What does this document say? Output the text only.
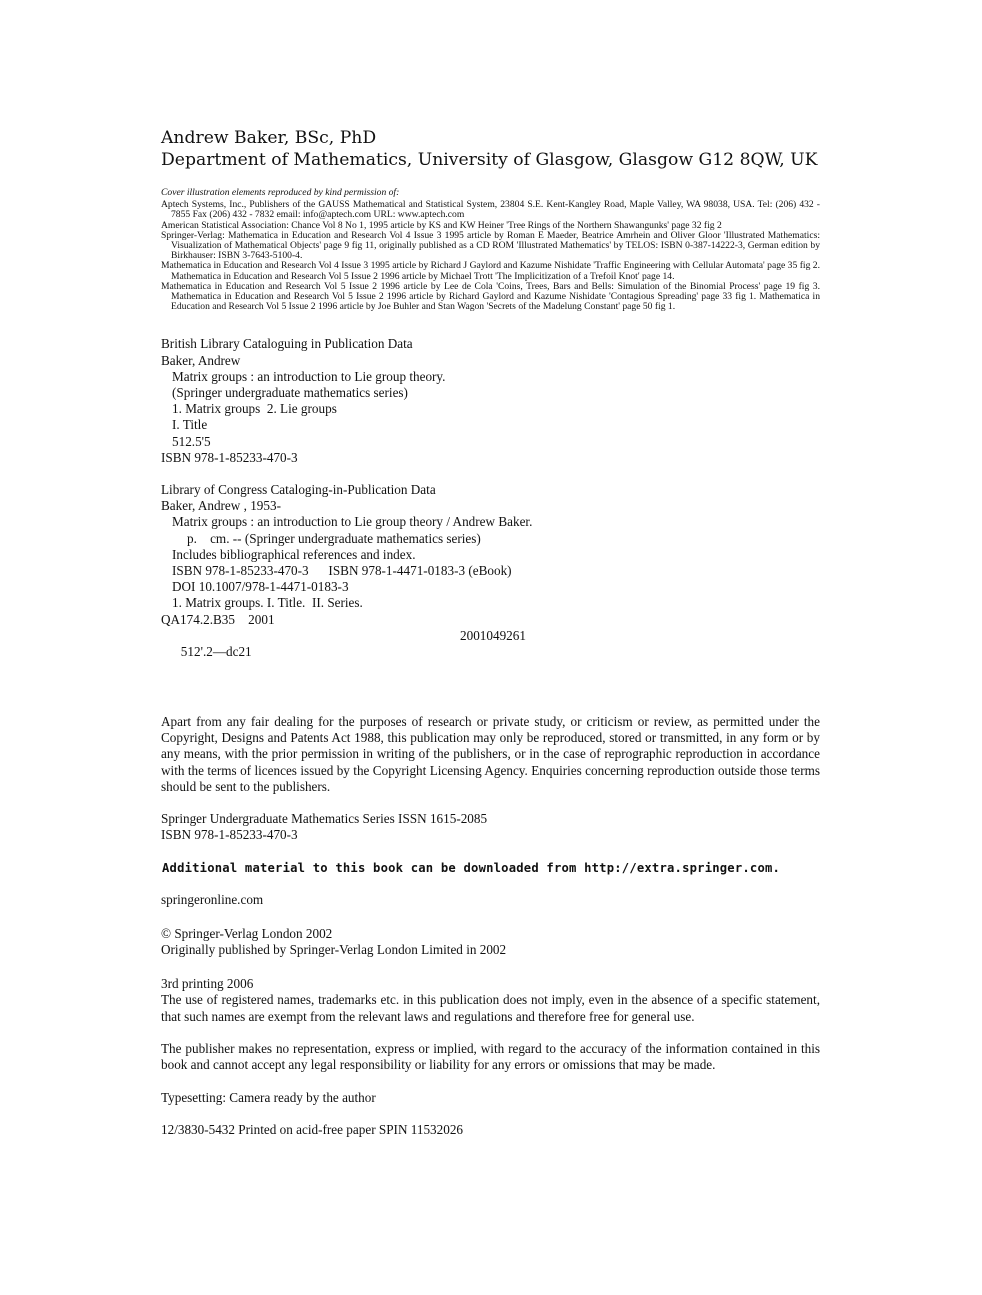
Andrew Baker, BSc, PhD
Department of Mathematics, University of Glasgow, Glasgow G12 8QW, UK
Cover illustration elements reproduced by kind permission of:
Aptech Systems, Inc., Publishers of the GAUSS Mathematical and Statistical System, 23804 S.E. Kent-Kangley Road, Maple Valley, WA 98038, USA. Tel: (206) 432 - 7855 Fax (206) 432 - 7832 email: info@aptech.com URL: www.aptech.com
American Statistical Association: Chance Vol 8 No 1, 1995 article by KS and KW Heiner 'Tree Rings of the Northern Shawangunks' page 32 fig 2
Springer-Verlag: Mathematica in Education and Research Vol 4 Issue 3 1995 article by Roman E Maeder, Beatrice Amrhein and Oliver Gloor 'Illustrated Mathematics: Visualization of Mathematical Objects' page 9 fig 11, originally published as a CD ROM 'Illustrated Mathematics' by TELOS: ISBN 0-387-14222-3, German edition by Birkhauser: ISBN 3-7643-5100-4.
Mathematica in Education and Research Vol 4 Issue 3 1995 article by Richard J Gaylord and Kazume Nishidate 'Traffic Engineering with Cellular Automata' page 35 fig 2. Mathematica in Education and Research Vol 5 Issue 2 1996 article by Michael Trott 'The Implicitization of a Trefoil Knot' page 14.
Mathematica in Education and Research Vol 5 Issue 2 1996 article by Lee de Cola 'Coins, Trees, Bars and Bells: Simulation of the Binomial Process' page 19 fig 3. Mathematica in Education and Research Vol 5 Issue 2 1996 article by Richard Gaylord and Kazume Nishidate 'Contagious Spreading' page 33 fig 1. Mathematica in Education and Research Vol 5 Issue 2 1996 article by Joe Buhler and Stan Wagon 'Secrets of the Madelung Constant' page 50 fig 1.
British Library Cataloguing in Publication Data
Baker, Andrew
Matrix groups : an introduction to Lie group theory.
(Springer undergraduate mathematics series)
1. Matrix groups  2. Lie groups
I. Title
512.5'5
ISBN 978-1-85233-470-3
Library of Congress Cataloging-in-Publication Data
Baker, Andrew , 1953-
Matrix groups : an introduction to Lie group theory / Andrew Baker.
p.    cm. -- (Springer undergraduate mathematics series)
Includes bibliographical references and index.
ISBN 978-1-85233-470-3 ISBN 978-1-4471-0183-3 (eBook)
DOI 10.1007/978-1-4471-0183-3
1. Matrix groups. I. Title.  II. Series.
QA174.2.B35    2001

512'.2—dc21

2001049261

Apart from any fair dealing for the purposes of research or private study, or criticism or review, as permitted under the Copyright, Designs and Patents Act 1988, this publication may only be reproduced, stored or transmitted, in any form or by any means, with the prior permission in writing of the publishers, or in the case of reprographic reproduction in accordance with the terms of licences issued by the Copyright Licensing Agency. Enquiries concerning reproduction outside those terms should be sent to the publishers.
Springer Undergraduate Mathematics Series ISSN 1615-2085
ISBN 978-1-85233-470-3
Additional material to this book can be downloaded from http://extra.springer.com.
springeronline.com
© Springer-Verlag London 2002
Originally published by Springer-Verlag London Limited in 2002
3rd printing 2006
The use of registered names, trademarks etc. in this publication does not imply, even in the absence of a specific statement, that such names are exempt from the relevant laws and regulations and therefore free for general use.
The publisher makes no representation, express or implied, with regard to the accuracy of the information contained in this book and cannot accept any legal responsibility or liability for any errors or omissions that may be made.
Typesetting: Camera ready by the author
12/3830-5432 Printed on acid-free paper SPIN 11532026
